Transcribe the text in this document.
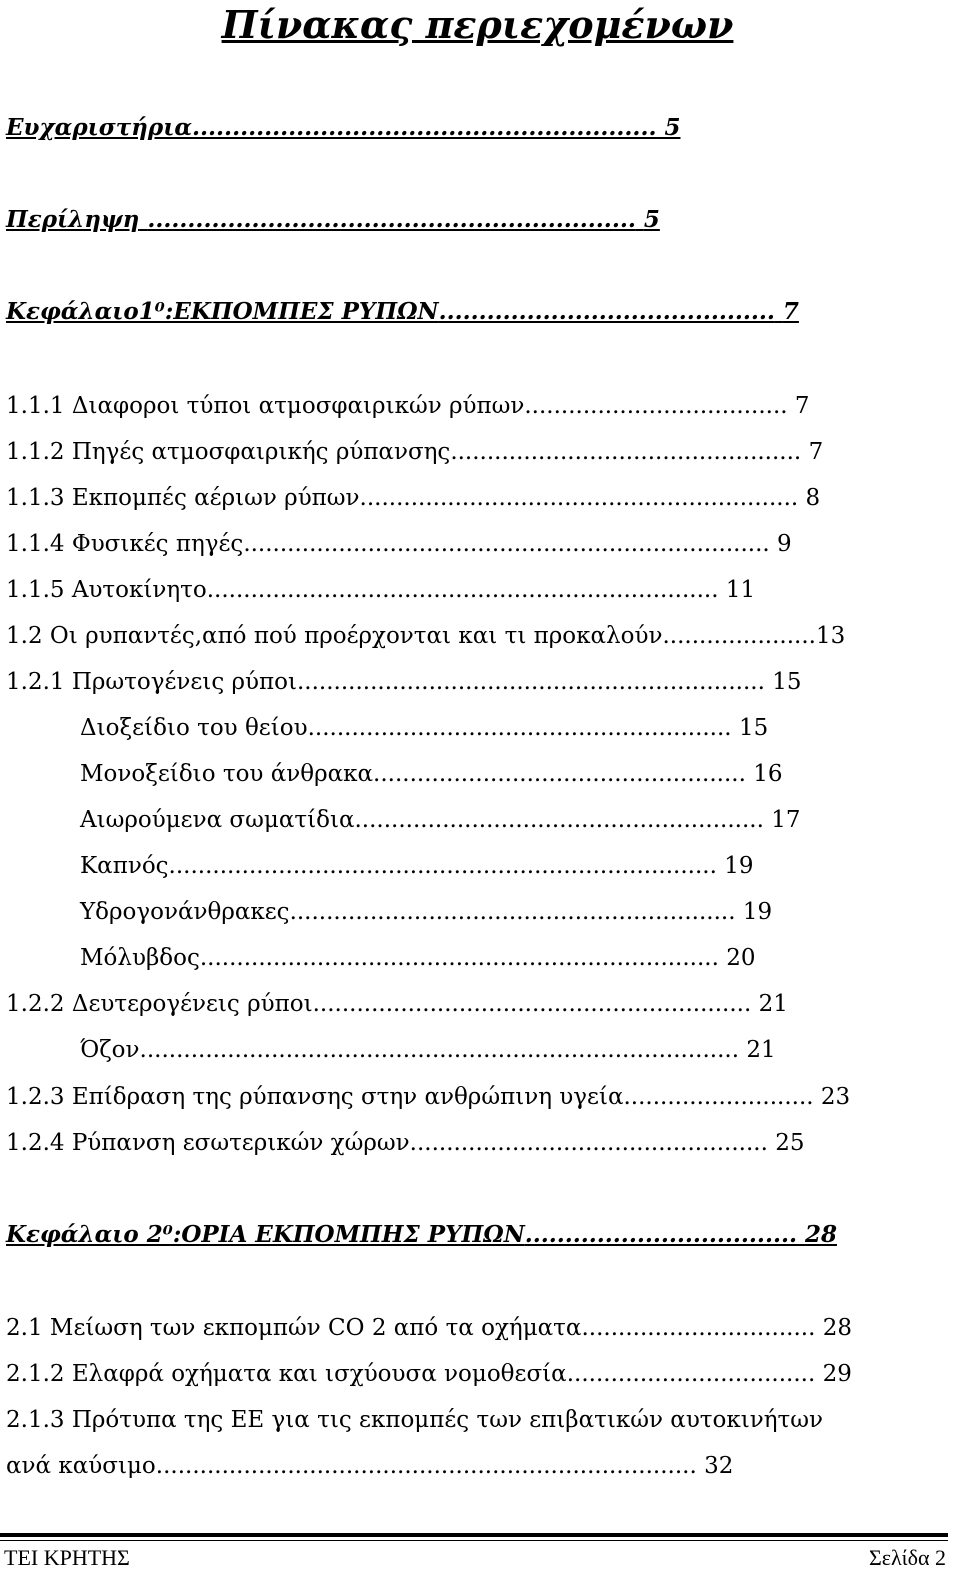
Πίνακας περιεχομένων
Ευχαριστήρια.......................................................... 5
Περίληψη ............................................................. 5
Κεφάλαιο1⁰:ΕΚΠΟΜΠΕΣ ΡΥΠΩΝ.......................................... 7
1.1.1 Διαφοροι τύποι ατμοσφαιρικών ρύπων.................................... 7
1.1.2 Πηγές ατμοσφαιρικής ρύπανσης................................................ 7
1.1.3 Εκπομπές αέριων ρύπων............................................................ 8
1.1.4 Φυσικές πηγές........................................................................ 9
1.1.5 Αυτοκίνητο...................................................................... 11
1.2 Οι ρυπαντές,από πού προέρχονται και τι προκαλούν.....................13
1.2.1 Πρωτογένεις ρύποι................................................................ 15
Διοξείδιο του θείου.......................................................... 15
Μονοξείδιο του άνθρακα................................................... 16
Αιωρούμενα σωματίδια........................................................ 17
Καπνός........................................................................... 19
Υδρογονάνθρακες............................................................. 19
Μόλυβδος....................................................................... 20
1.2.2 Δευτερογένεις ρύποι............................................................ 21
Όζον.................................................................................. 21
1.2.3 Επίδραση της ρύπανσης στην ανθρώπινη υγεία.......................... 23
1.2.4 Ρύπανση εσωτερικών χώρων................................................. 25
Κεφάλαιο 2⁰:ΟΡΙΑ ΕΚΠΟΜΠΗΣ ΡΥΠΩΝ.................................. 28
2.1 Μείωση των εκπομπών CO 2 από τα οχήματα................................ 28
2.1.2 Ελαφρά οχήματα και ισχύουσα νομοθεσία.................................. 29
2.1.3 Πρότυπα της ΕΕ για τις εκπομπές των επιβατικών αυτοκινήτων
ανά καύσιμο.......................................................................... 32
ΤΕΙ ΚΡΗΤΗΣ	Σελίδα 2
